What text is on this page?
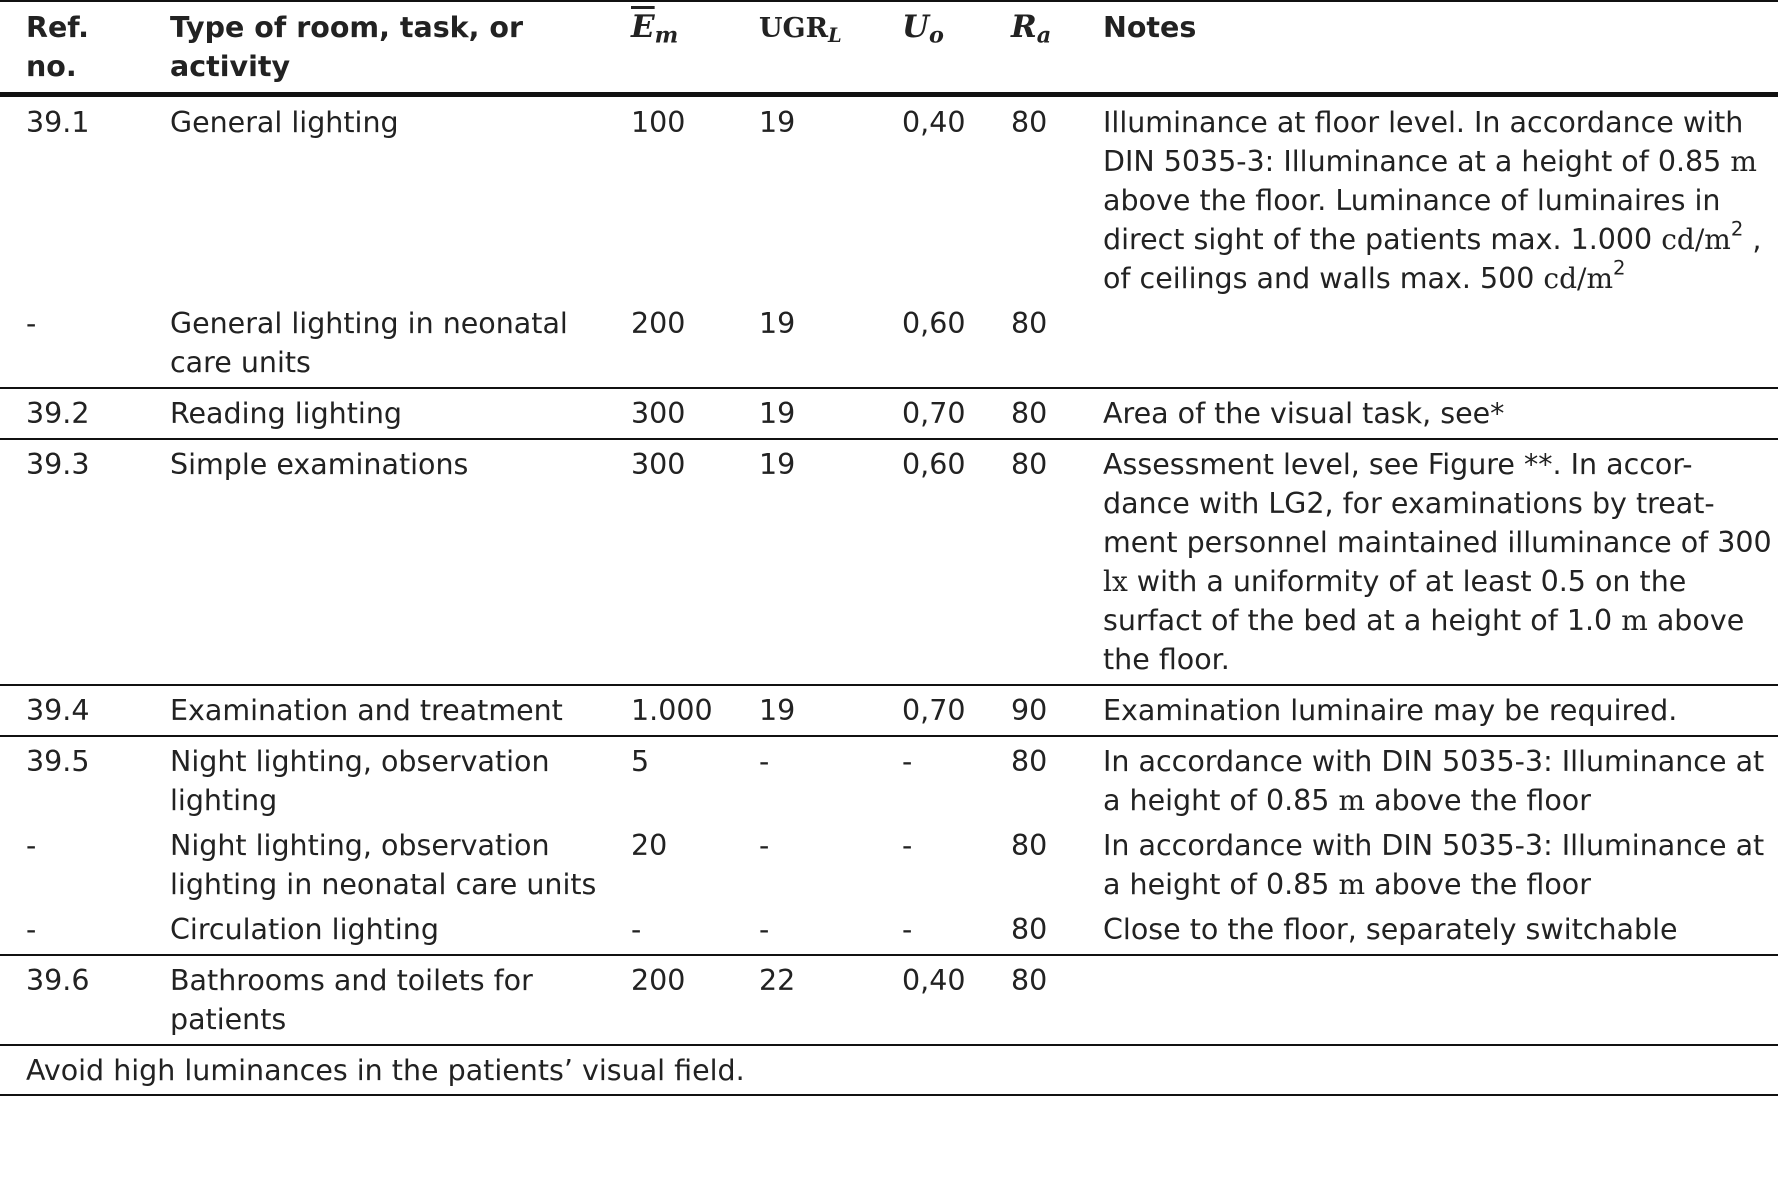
Ref. no.	Type of room, task, or activity	$\overline{E}_m$	$UGR_L$	$U_o$	$R_a$	Notes
39.1	General lighting	100	19	0,40	80	Illuminance at floor level. In accordance with DIN 5035-3: Illuminance at a height of 0.85 m above the floor. Luminance of luminaires in direct sight of the patients max. 1.000 $cd/m^2$ , of ceilings and walls max. 500 $cd/m^2$
-	General lighting in neonatal care units	200	19	0,60	80	
39.2	Reading lighting	300	19	0,70	80	Area of the visual task, see*
39.3	Simple examinations	300	19	0,60	80	Assessment level, see Figure **. In accor-dance with LG2, for examinations by treat-ment personnel maintained illuminance of 300 lx with a uniformity of at least 0.5 on the surfact of the bed at a height of 1.0 m above the floor.
39.4	Examination and treatment	1.000	19	0,70	90	Examination luminaire may be required.
39.5	Night lighting, observation lighting	5	-	-	80	In accordance with DIN 5035-3: Illuminance at a height of 0.85 m above the floor
-	Night lighting, observation lighting in neonatal care units	20	-	-	80	In accordance with DIN 5035-3: Illuminance at a height of 0.85 m above the floor
-	Circulation lighting	-	-	-	80	Close to the floor, separately switchable
39.6	Bathrooms and toilets for patients	200	22	0,40	80	
Avoid high luminances in the patients’ visual field.						
